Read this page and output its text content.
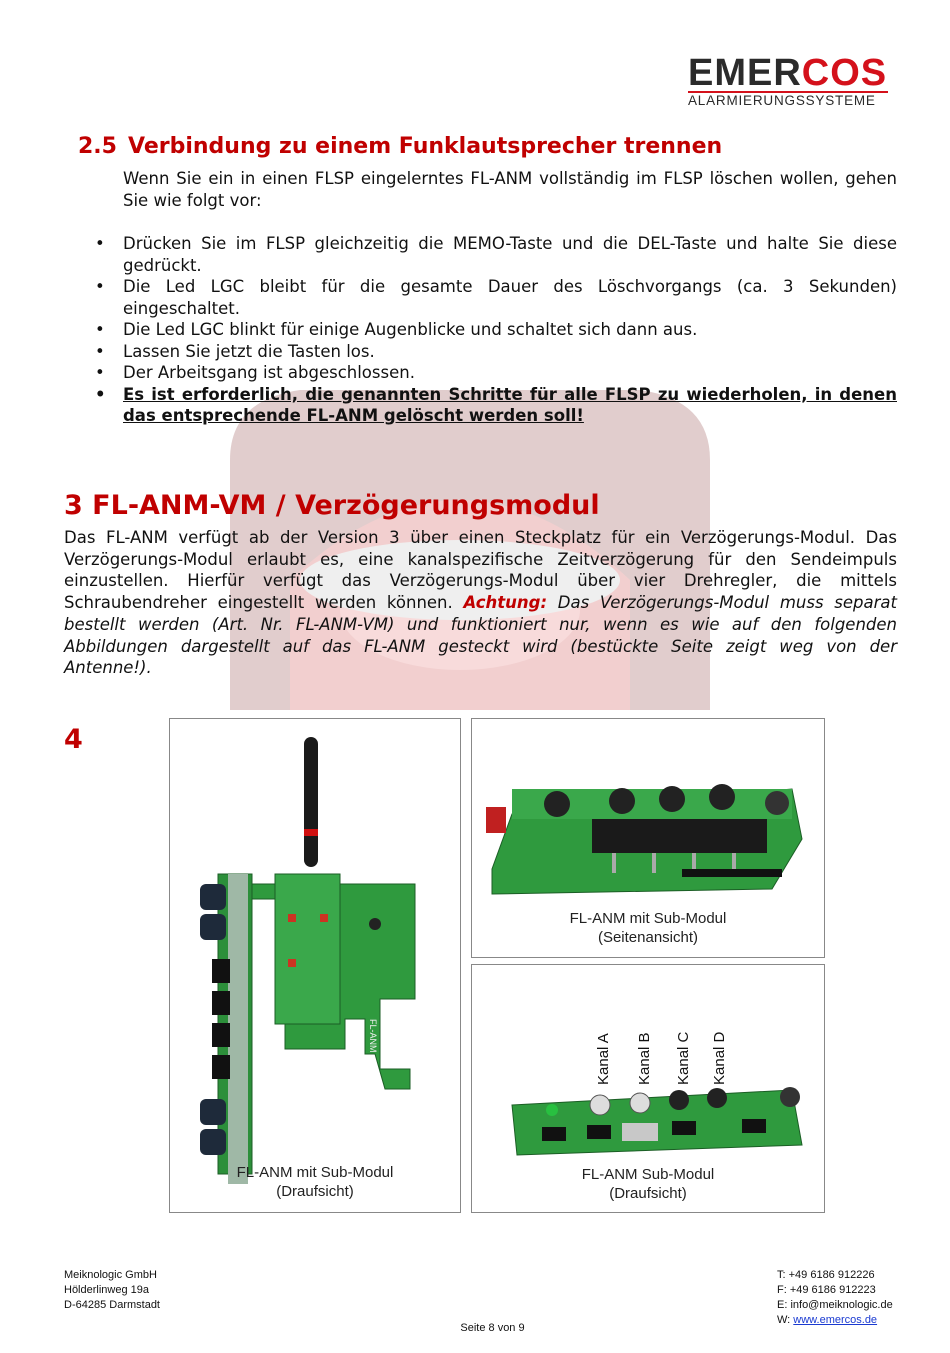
EMERCOS
ALARMIERUNGSSYSTEME
2.5 Verbindung zu einem Funklautsprecher trennen
Wenn Sie ein in einen FLSP eingelerntes FL-ANM vollständig im FLSP löschen wollen, gehen Sie wie folgt vor:
• Drücken Sie im FLSP gleichzeitig die MEMO-Taste und die DEL-Taste und halte Sie diese gedrückt.
• Die Led LGC bleibt für die gesamte Dauer des Löschvorgangs (ca. 3 Sekunden) eingeschaltet.
• Die Led LGC blinkt für einige Augenblicke und schaltet sich dann aus.
• Lassen Sie jetzt die Tasten los.
• Der Arbeitsgang ist abgeschlossen.
• Es ist erforderlich, die genannten Schritte für alle FLSP zu wiederholen, in denen das entsprechende FL-ANM gelöscht werden soll!
3 FL-ANM-VM / Verzögerungsmodul
Das FL-ANM verfügt ab der Version 3 über einen Steckplatz für ein Verzögerungs-Modul. Das Verzögerungs-Modul erlaubt es, eine kanalspezifische Zeitverzögerung für den Sendeimpuls einzustellen. Hierfür verfügt das Verzögerungs-Modul über vier Drehregler, die mittels Schraubendreher eingestellt werden können. Achtung: Das Verzögerungs-Modul muss separat bestellt werden (Art. Nr. FL-ANM-VM) und funktioniert nur, wenn es wie auf den folgenden Abbildungen dargestellt auf das FL-ANM gesteckt wird (bestückte Seite zeigt weg von der Antenne!).
4
FL-ANM
FL-ANM mit Sub-Modul
(Draufsicht)
FL-ANM mit Sub-Modul
(Seitenansicht)
Kanal A Kanal B Kanal C Kanal D
FL-ANM Sub-Modul
(Draufsicht)
Meiknologic GmbH
Hölderlinweg 19a
D-64285 Darmstadt
T: +49 6186 912226
F: +49 6186 912223
E: info@meiknologic.de
W: www.emercos.de
Seite 8 von 9
